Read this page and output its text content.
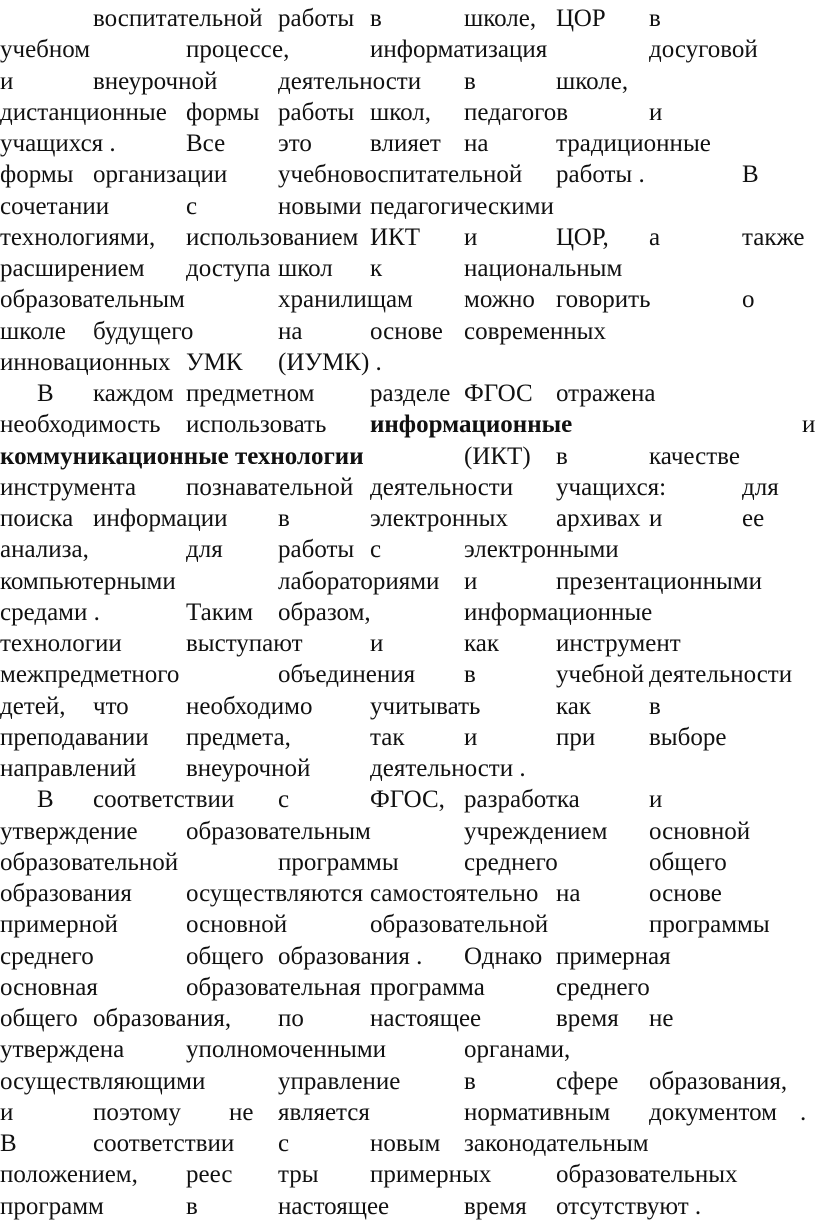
воспитательной работы в	школе, ЦОР в
учебном	процессе,	информатизация	досуговой
и	внеурочной деятельности в	школе,
дистанционные формы работы школ, педагогов	и
учащихся .	Все это влияет на	традиционные
формы организации учебновоспитательной работы .	В
сочетании	с	новыми педагогическими
технологиями, использованием ИКТ и	ЦОР, а	также
расширением доступа школ к	национальным
образовательным	хранилищам можно говорить	о
школе будущего	на	основе современных
инновационных УМК (ИУМК) .
В каждом предметном разделе ФГОС отражена
необходимость использовать информационные	и
коммуникационные технологии	(ИКТ) в	качестве
инструмента познавательной деятельности учащихся:	для
поиска информации в	электронных архивах и	ее
анализа,	для работы с	электронными
компьютерными	лабораториями и	презентационными
средами .	Таким образом,	информационные
технологии	выступают	и	как инструмент
межпредметного	объединения в	учебной деятельности
детей, что необходимо учитывать	как в
преподавании предмета,	так и	при выборе
направлений внеурочной деятельности .
В соответствии с	ФГОС, разработка	и
утверждение образовательным	учреждением основной
образовательной	программы	среднего	общего
образования осуществляются самостоятельно на	основе
примерной	основной	образовательной	программы
среднего	общего образования . Однако примерная
основная	образовательная программа	среднего
общего образования, по	настоящее	время не
утверждена уполномоченными	органами,
осуществляющими	управление	в	сфере образования,
и	поэтому не является	нормативным документом .
В	соответствии с	новым законодательным
положением, реес тры примерных	образовательных
программ	в	настоящее	время отсутствуют .
